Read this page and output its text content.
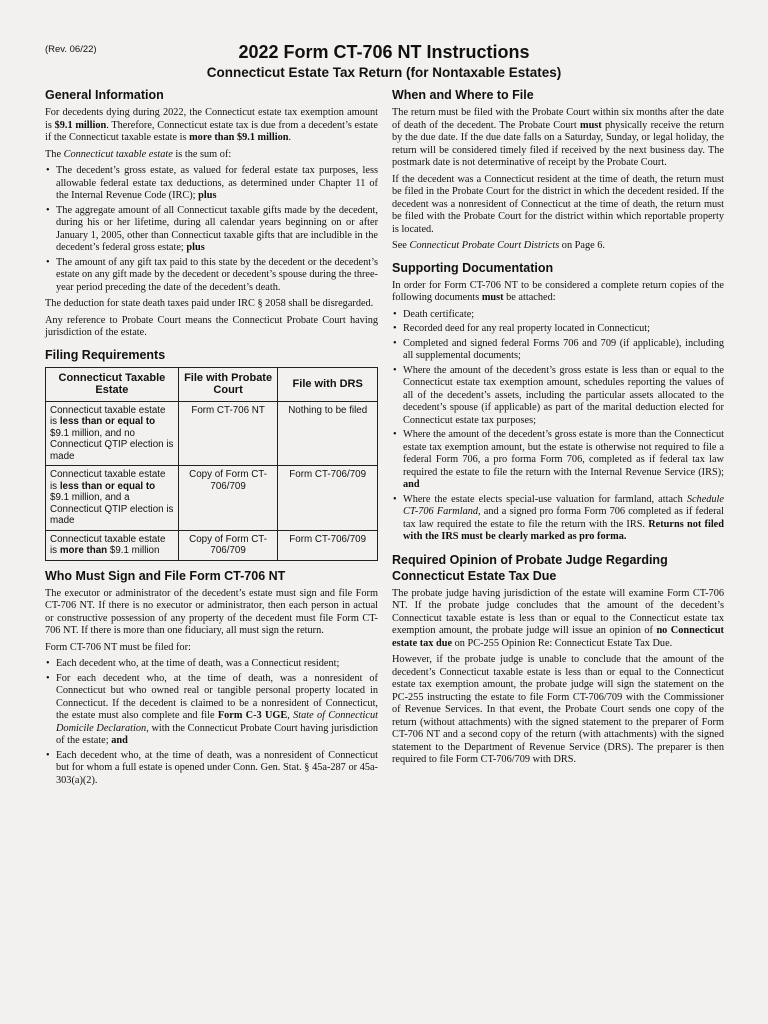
(Rev. 06/22)	2022 Form CT-706 NT Instructions
Connecticut Estate Tax Return (for Nontaxable Estates)
General Information

For decedents dying during 2022, the Connecticut estate tax exemption amount is $9.1 million. Therefore, Connecticut estate tax is due from a decedent’s estate if the Connecticut taxable estate is more than $9.1 million.

The Connecticut taxable estate is the sum of:

• The decedent’s gross estate, as valued for federal estate tax purposes, less allowable federal estate tax deductions, as determined under Chapter 11 of the Internal Revenue Code (IRC); plus
• The aggregate amount of all Connecticut taxable gifts made by the decedent, during his or her lifetime, during all calendar years beginning on or after January 1, 2005, other than Connecticut taxable gifts that are includible in the decedent’s federal gross estate; plus
• The amount of any gift tax paid to this state by the decedent or the decedent’s estate on any gift made by the decedent or decedent’s spouse during the three-year period preceding the date of the decedent’s death.

The deduction for state death taxes paid under IRC § 2058 shall be disregarded.

Any reference to Probate Court means the Connecticut Probate Court having jurisdiction of the estate.

Filing Requirements
Connecticut Taxable Estate	File with Probate Court	File with DRS
Connecticut taxable estate is less than or equal to $9.1 million, and no Connecticut QTIP election is made	Form CT-706 NT	Nothing to be filed
Connecticut taxable estate is less than or equal to $9.1 million, and a Connecticut QTIP election is made	Copy of Form CT-706/709	Form CT-706/709
Connecticut taxable estate is more than $9.1 million	Copy of Form CT-706/709	Form CT-706/709
Who Must Sign and File Form CT-706 NT

The executor or administrator of the decedent’s estate must sign and file Form CT-706 NT. If there is no executor or administrator, then each person in actual or constructive possession of any property of the decedent must file Form CT-706 NT. If there is more than one fiduciary, all must sign the return.

Form CT-706 NT must be filed for:

• Each decedent who, at the time of death, was a Connecticut resident;
• For each decedent who, at the time of death, was a nonresident of Connecticut but who owned real or tangible personal property located in Connecticut. If the decedent is claimed to be a nonresident of Connecticut, the estate must also complete and file Form C-3 UGE, State of Connecticut Domicile Declaration, with the Connecticut Probate Court having jurisdiction of the estate; and
• Each decedent who, at the time of death, was a nonresident of Connecticut but for whom a full estate is opened under Conn. Gen. Stat. § 45a-287 or 45a-303(a)(2).
When and Where to File

The return must be filed with the Probate Court within six months after the date of death of the decedent. The Probate Court must physically receive the return by the due date. If the due date falls on a Saturday, Sunday, or legal holiday, the return will be considered timely filed if received by the next business day. The postmark date is not determinative of receipt by the Probate Court.

If the decedent was a Connecticut resident at the time of death, the return must be filed in the Probate Court for the district in which the decedent resided. If the decedent was a nonresident of Connecticut at the time of death, the return must be filed with the Probate Court for the district within which reportable property is located.

See Connecticut Probate Court Districts on Page 6.

Supporting Documentation

In order for Form CT-706 NT to be considered a complete return copies of the following documents must be attached:

• Death certificate;
• Recorded deed for any real property located in Connecticut;
• Completed and signed federal Forms 706 and 709 (if applicable), including all supplemental documents;
• Where the amount of the decedent’s gross estate is less than or equal to the Connecticut estate tax exemption amount, schedules reporting the values of all of the decedent’s assets, including the particular assets allocated to the decedent’s spouse (if applicable) as part of the marital deduction elected for Connecticut estate tax purposes;
• Where the amount of the decedent’s gross estate is more than the Connecticut estate tax exemption amount, but the estate is otherwise not required to file a federal Form 706, a pro forma Form 706, completed as if federal tax law required the estate to file the return with the Internal Revenue Service (IRS); and
• Where the estate elects special-use valuation for farmland, attach Schedule CT-706 Farmland, and a signed pro forma Form 706 completed as if federal tax law required the estate to file the return with the IRS. Returns not filed with the IRS must be clearly marked as pro forma.
Required Opinion of Probate Judge Regarding Connecticut Estate Tax Due

The probate judge having jurisdiction of the estate will examine Form CT-706 NT. If the probate judge concludes that the amount of the decedent’s Connecticut taxable estate is less than or equal to the Connecticut estate tax exemption amount, the probate judge will issue an opinion of no Connecticut estate tax due on PC-255 Opinion Re: Connecticut Estate Tax Due.

However, if the probate judge is unable to conclude that the amount of the decedent’s Connecticut taxable estate is less than or equal to the Connecticut estate tax exemption amount, the probate judge will sign the statement on the PC-255 instructing the estate to file Form CT-706/709 with the Commissioner of Revenue Services. In that event, the Probate Court sends one copy of the return (without attachments) with the signed statement to the preparer of Form CT-706 NT and a second copy of the return (with attachments) with the signed statement to the Department of Revenue Service (DRS). The preparer is then required to file Form CT-706/709 with DRS.
